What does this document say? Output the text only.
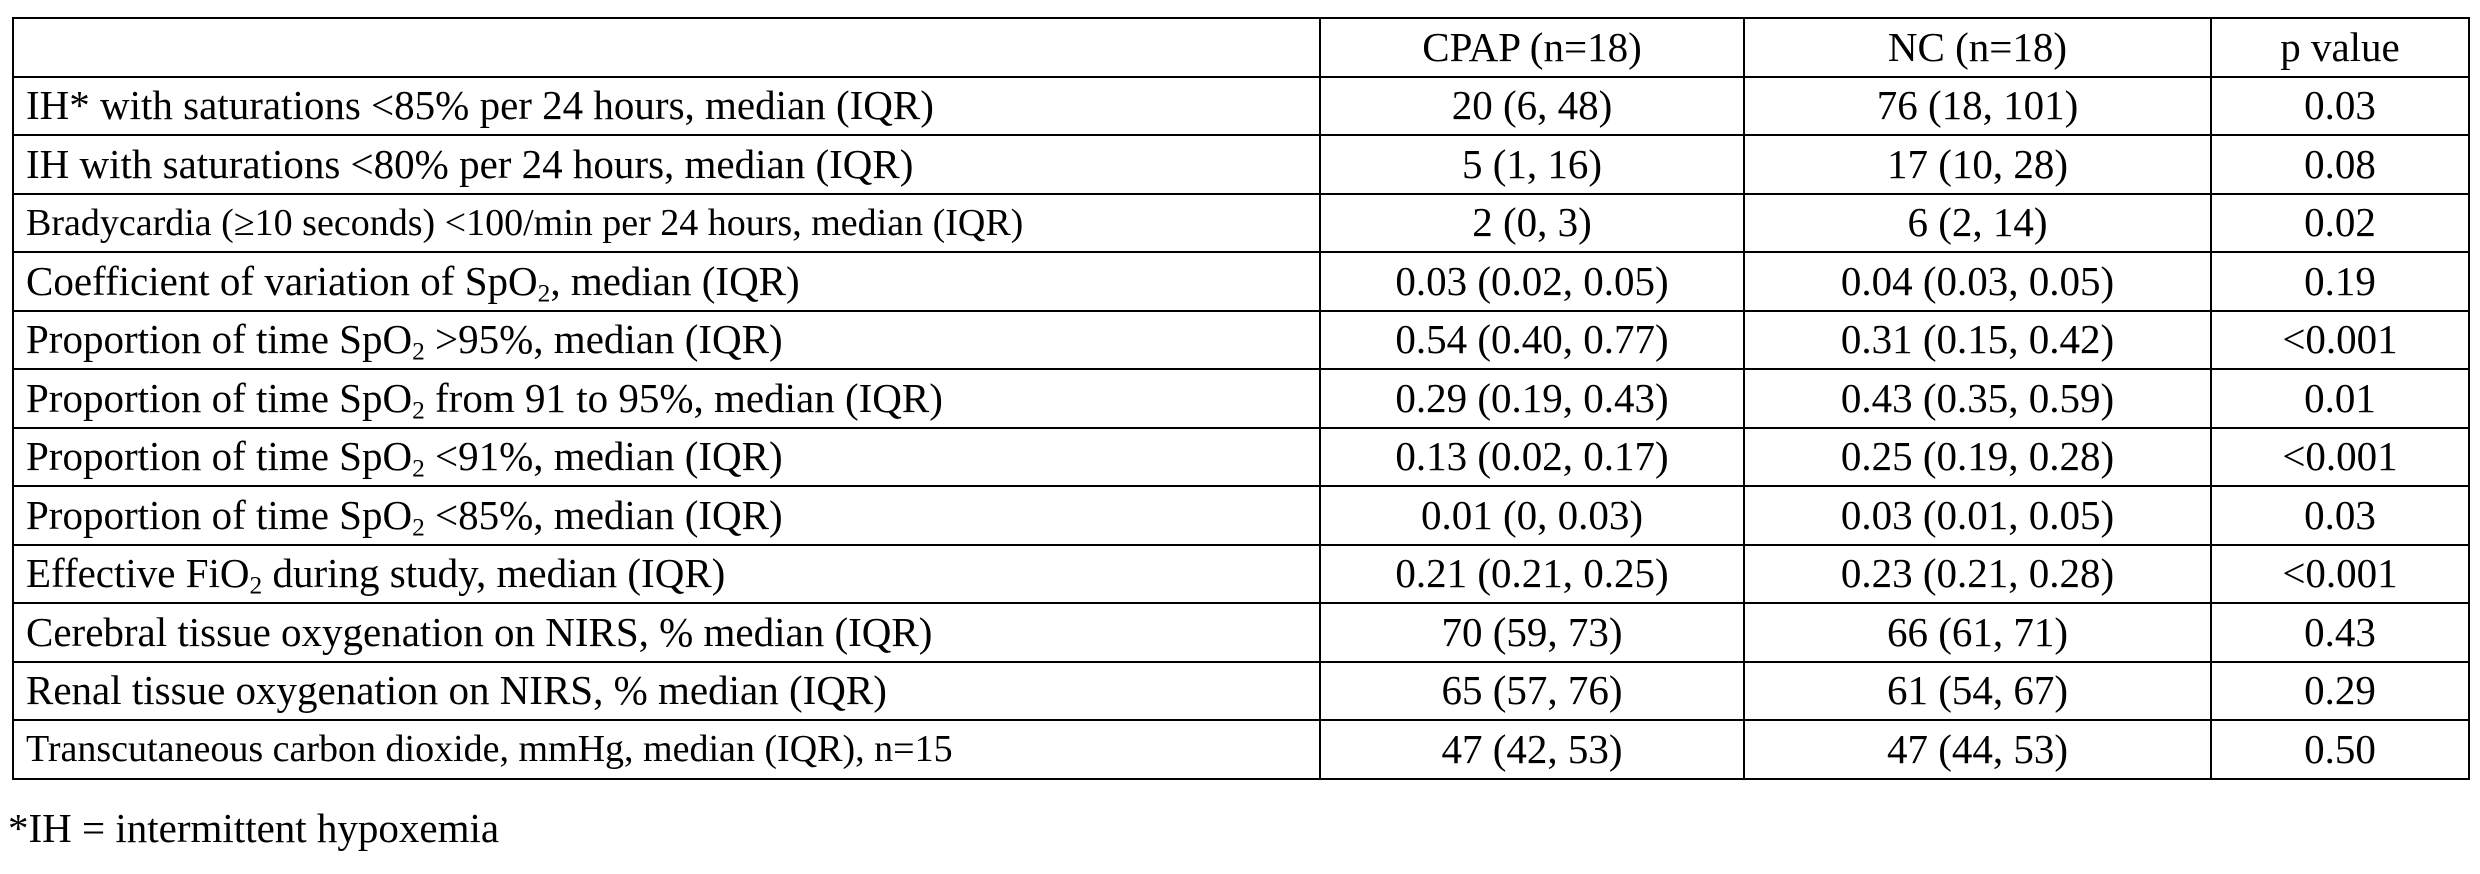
	CPAP (n=18)	NC (n=18)	p value
IH* with saturations <85% per 24 hours, median (IQR)	20 (6, 48)	76 (18, 101)	0.03
IH with saturations <80% per 24 hours, median (IQR)	5 (1, 16)	17 (10, 28)	0.08
Bradycardia (≥10 seconds) <100/min per 24 hours, median (IQR)	2 (0, 3)	6 (2, 14)	0.02
Coefficient of variation of SpO$_2$, median (IQR)	0.03 (0.02, 0.05)	0.04 (0.03, 0.05)	0.19
Proportion of time SpO$_2$ >95%, median (IQR)	0.54 (0.40, 0.77)	0.31 (0.15, 0.42)	<0.001
Proportion of time SpO$_2$ from 91 to 95%, median (IQR)	0.29 (0.19, 0.43)	0.43 (0.35, 0.59)	0.01
Proportion of time SpO$_2$ <91%, median (IQR)	0.13 (0.02, 0.17)	0.25 (0.19, 0.28)	<0.001
Proportion of time SpO$_2$ <85%, median (IQR)	0.01 (0, 0.03)	0.03 (0.01, 0.05)	0.03
Effective FiO$_2$ during study, median (IQR)	0.21 (0.21, 0.25)	0.23 (0.21, 0.28)	<0.001
Cerebral tissue oxygenation on NIRS, % median (IQR)	70 (59, 73)	66 (61, 71)	0.43
Renal tissue oxygenation on NIRS, % median (IQR)	65 (57, 76)	61 (54, 67)	0.29
Transcutaneous carbon dioxide, mmHg, median (IQR), n=15	47 (42, 53)	47 (44, 53)	0.50
*IH = intermittent hypoxemia
